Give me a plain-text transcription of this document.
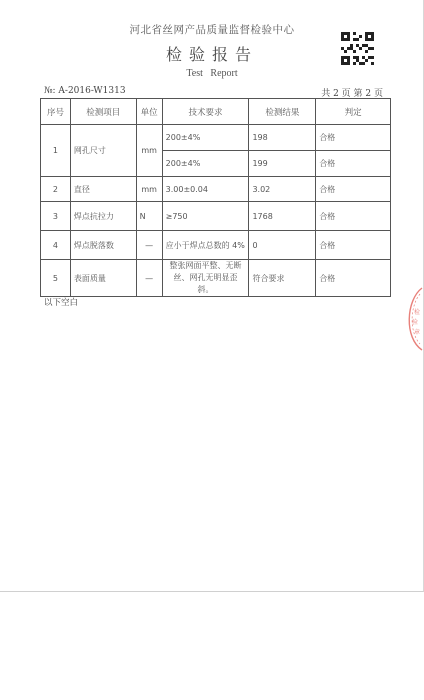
河北省丝网产品质量监督检验中心
检验报告
Test Report
№: A-2016-W1313	共 2 页 第 2 页
序号	检测项目	单位	技术要求	检测结果	判定
1	网孔尺寸	mm	200±4%	198	合格
			200±4%	199	合格
2	直径	mm	3.00±0.04	3.02	合格
3	焊点抗拉力	N	≥750	1768	合格
4	焊点脱落数	—	应小于焊点总数的 4%	0	合格
5	表面质量	—	整张网面平整、无断丝、网孔无明显歪斜。	符合要求	合格
以下空白
检
验
章
